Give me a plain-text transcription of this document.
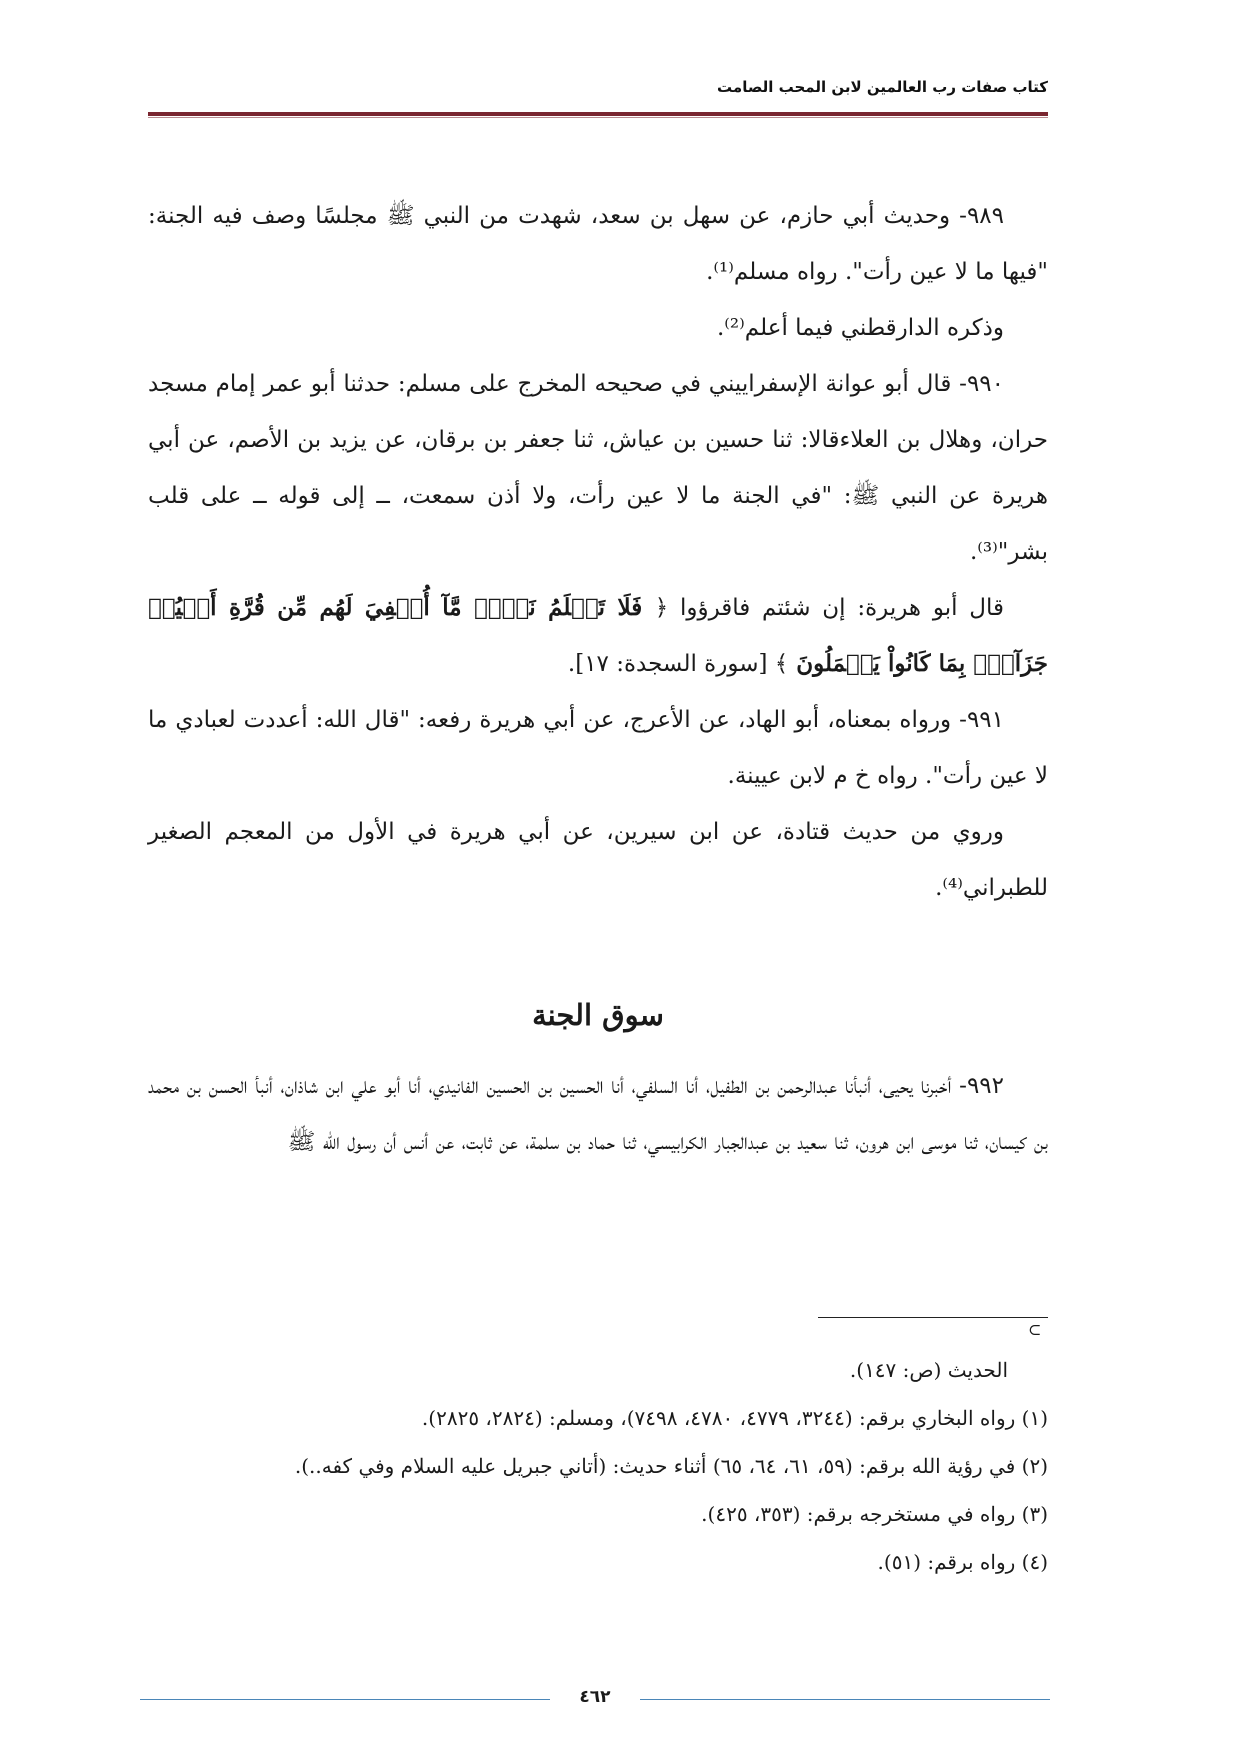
كتاب صفات رب العالمين لابن المحب الصامت

٩٨٩- وحديث أبي حازم، عن سهل بن سعد، شهدت من النبي ﷺ مجلسًا وصف فيه الجنة: "فيها ما لا عين رأت". رواه مسلم⁽¹⁾.

وذكره الدارقطني فيما أعلم⁽²⁾.

٩٩٠- قال أبو عوانة الإسفراييني في صحيحه المخرج على مسلم: حدثنا أبو عمر إمام مسجد حران، وهلال بن العلاءقالا: ثنا حسين بن عياش، ثنا جعفر بن برقان، عن يزيد بن الأصم، عن أبي هريرة عن النبي ﷺ: "في الجنة ما لا عين رأت، ولا أذن سمعت، ــ إلى قوله ــ على قلب بشر"⁽³⁾.

قال أبو هريرة: إن شئتم فاقرؤوا ﴿ فَلَا تَعۡلَمُ نَفۡسٞ مَّآ أُخۡفِيَ لَهُم مِّن قُرَّةِ أَعۡيُنٖ جَزَآءَۢ بِمَا كَانُواْ يَعۡمَلُونَ ﴾ [سورة السجدة: ١٧].

٩٩١- ورواه بمعناه، أبو الهاد، عن الأعرج، عن أبي هريرة رفعه: "قال الله: أعددت لعبادي ما لا عين رأت". رواه خ م لابن عيينة.

وروي من حديث قتادة، عن ابن سيرين، عن أبي هريرة في الأول من المعجم الصغير للطبراني⁽⁴⁾.

سوق الجنة

٩٩٢- أخبرنا يحيى، أنبأنا عبدالرحمن بن الطفيل، أنا السلفي، أنا الحسين بن الحسين الفانيدي، أنا أبو علي ابن شاذان، أنبأ الحسن بن محمد بن كيسان، ثنا موسى ابن هرون، ثنا سعيد بن عبدالجبار الكرابيسي، ثنا حماد بن سلمة، عن ثابت، عن أنس أن رسول الله ﷺ

⊃

الحديث (ص: ١٤٧).

(١) رواه البخاري برقم: (٣٢٤٤، ٤٧٧٩، ٤٧٨٠، ٧٤٩٨)، ومسلم: (٢٨٢٤، ٢٨٢٥).

(٢) في رؤية الله برقم: (٥٩، ٦١، ٦٤، ٦٥) أثناء حديث: (أتاني جبريل عليه السلام وفي كفه..).

(٣) رواه في مستخرجه برقم: (٣٥٣، ٤٢٥).

(٤) رواه برقم: (٥١).

٤٦٢
